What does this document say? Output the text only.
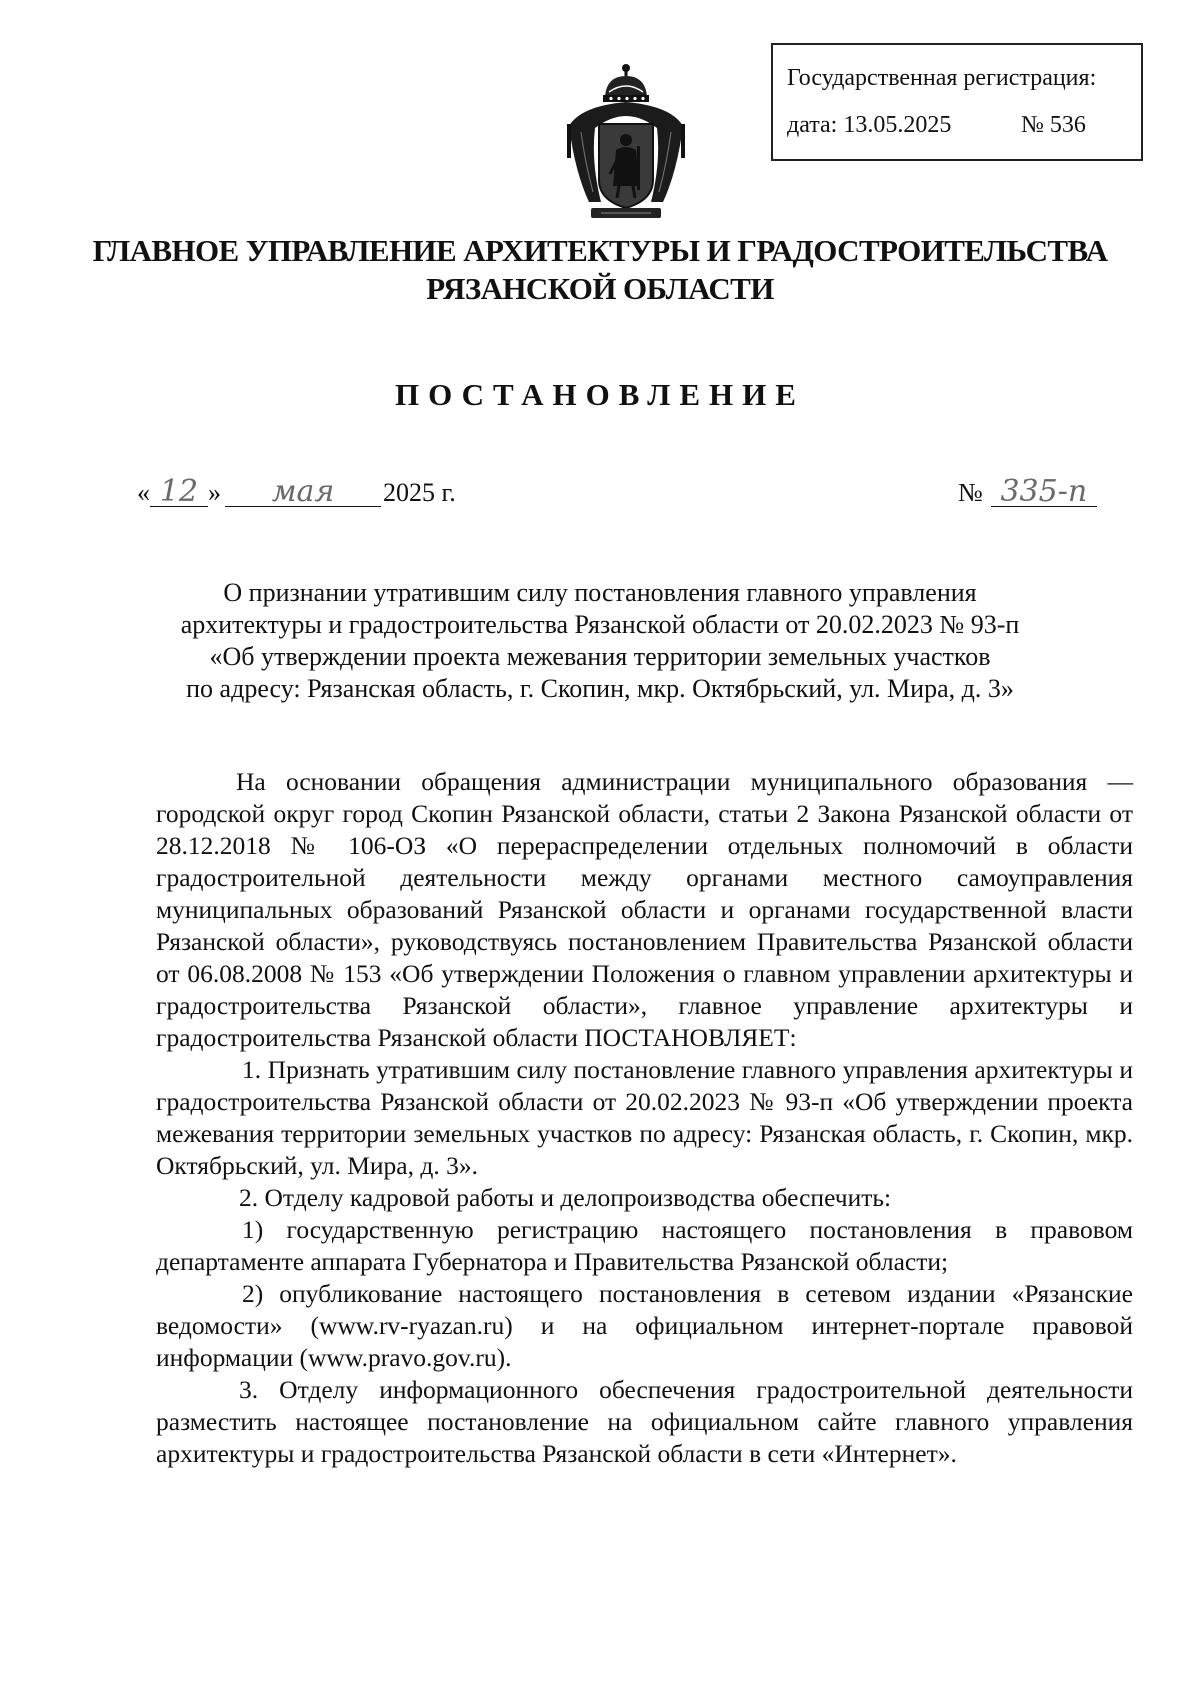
Государственная регистрация:
дата: 13.05.2025	№ 536
ГЛАВНОЕ УПРАВЛЕНИЕ АРХИТЕКТУРЫ И ГРАДОСТРОИТЕЛЬСТВА
РЯЗАНСКОЙ ОБЛАСТИ
ПОСТАНОВЛЕНИЕ
« 12 » мая 2025 г.	№ 335-п
О признании утратившим силу постановления главного управления
архитектуры и градостроительства Рязанской области от 20.02.2023 № 93-п
«Об утверждении проекта межевания территории земельных участков
по адресу: Рязанская область, г. Скопин, мкр. Октябрьский, ул. Мира, д. 3»
На основании обращения администрации муниципального образования — городской округ город Скопин Рязанской области, статьи 2 Закона Рязанской области от 28.12.2018 № 106-ОЗ «О перераспределении отдельных полномочий в области градостроительной деятельности между органами местного самоуправления муниципальных образований Рязанской области и органами государственной власти Рязанской области», руководствуясь постановлением Правительства Рязанской области от 06.08.2008 № 153 «Об утверждении Положения о главном управлении архитектуры и градостроительства Рязанской области», главное управление архитектуры и градостроительства Рязанской области ПОСТАНОВЛЯЕТ:
1. Признать утратившим силу постановление главного управления архитектуры и градостроительства Рязанской области от 20.02.2023 № 93-п «Об утверждении проекта межевания территории земельных участков по адресу: Рязанская область, г. Скопин, мкр. Октябрьский, ул. Мира, д. 3».
2. Отделу кадровой работы и делопроизводства обеспечить:
1) государственную регистрацию настоящего постановления в правовом департаменте аппарата Губернатора и Правительства Рязанской области;
2) опубликование настоящего постановления в сетевом издании «Рязанские ведомости» (www.rv-ryazan.ru) и на официальном интернет-портале правовой информации (www.pravo.gov.ru).
3. Отделу информационного обеспечения градостроительной деятельности разместить настоящее постановление на официальном сайте главного управления архитектуры и градостроительства Рязанской области в сети «Интернет».
